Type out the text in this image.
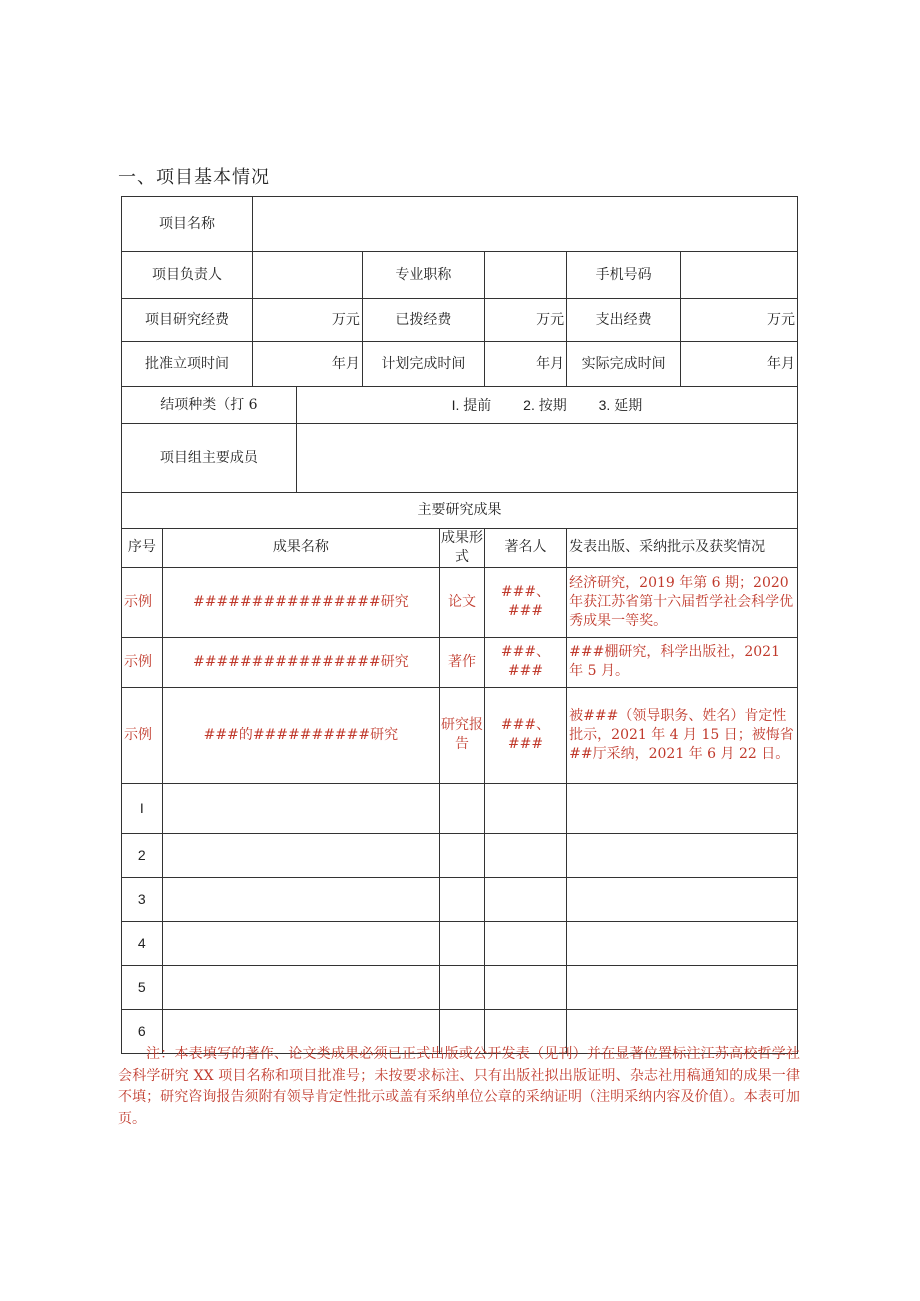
一、项目基本情况
项目名称								
项目负责人				专业职称			手机号码	
项目研究经费		万元		已拨经费		万元	支出经费	万元
批准立项时间		年月		计划完成时间		年月	实际完成时间	年月
结项种类（打 6			I. 提前　　 2. 按期　　 3. 延期					
项目组主要成员								
主要研究成果								
序号	成果名称				成果形式	著名人	发表出版、采纳批示及获奖情况	
示例	################研究				论文	###、###	经济研究，2019 年第 6 期；2020 年获江苏省第十六届哲学社会科学优秀成果一等奖。	
示例	################研究				著作	###、###	###棚研究，科学出版社，2021 年 5 月。	
示例	###的##########研究				研究报告	###、###	被###（领导职务、姓名）肯定性批示，2021 年 4 月 15 日；被悔省##厅采纳，2021 年 6 月 22 日。	
I								
2								
3								
4								
5								
6								
注：本表填写的著作、论文类成果必须已正式出版或公开发表（见刊）并在显著位置标注江苏高校哲学社会科学研究 XX 项目名称和项目批准号；未按要求标注、只有出版社拟出版证明、杂志社用稿通知的成果一律不填；研究咨询报告须附有领导肯定性批示或盖有采纳单位公章的采纳证明（注明采纳内容及价值）。本表可加页。
